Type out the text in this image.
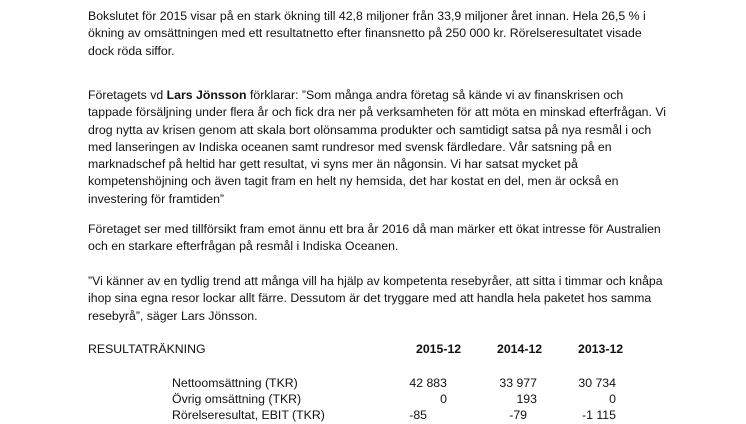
Bokslutet för 2015 visar på en stark ökning till 42,8 miljoner från 33,9 miljoner året innan. Hela 26,5 % i ökning av omsättningen med ett resultatnetto efter finansnetto på 250 000 kr. Rörelseresultatet visade dock röda siffor.

Företagets vd Lars Jönsson förklarar: ”Som många andra företag så kände vi av finanskrisen och tappade försäljning under flera år och fick dra ner på verksamheten för att möta en minskad efterfrågan. Vi drog nytta av krisen genom att skala bort olönsamma produkter och samtidigt satsa på nya resmål i och med lanseringen av Indiska oceanen samt rundresor med svensk färdledare. Vår satsning på en marknadschef på heltid har gett resultat, vi syns mer än någonsin. Vi har satsat mycket på kompetenshöjning och även tagit fram en helt ny hemsida, det har kostat en del, men är också en investering för framtiden”

Företaget ser med tillförsikt fram emot ännu ett bra år 2016 då man märker ett ökat intresse för Australien och en starkare efterfrågan på resmål i Indiska Oceanen.

”Vi känner av en tydlig trend att många vill ha hjälp av kompetenta resebyråer, att sitta i timmar och knåpa ihop sina egna resor lockar allt färre. Dessutom är det tryggare med att handla hela paketet hos samma resebyrå”, säger Lars Jönsson.

RESULTATRÄKNING	2015-12	2014-12	2013-12
Nettoomsättning (TKR)	42 883	33 977	30 734
Övrig omsättning (TKR)	0	193	0
Rörelseresultat, EBIT (TKR)	-85	-79	-1 115
